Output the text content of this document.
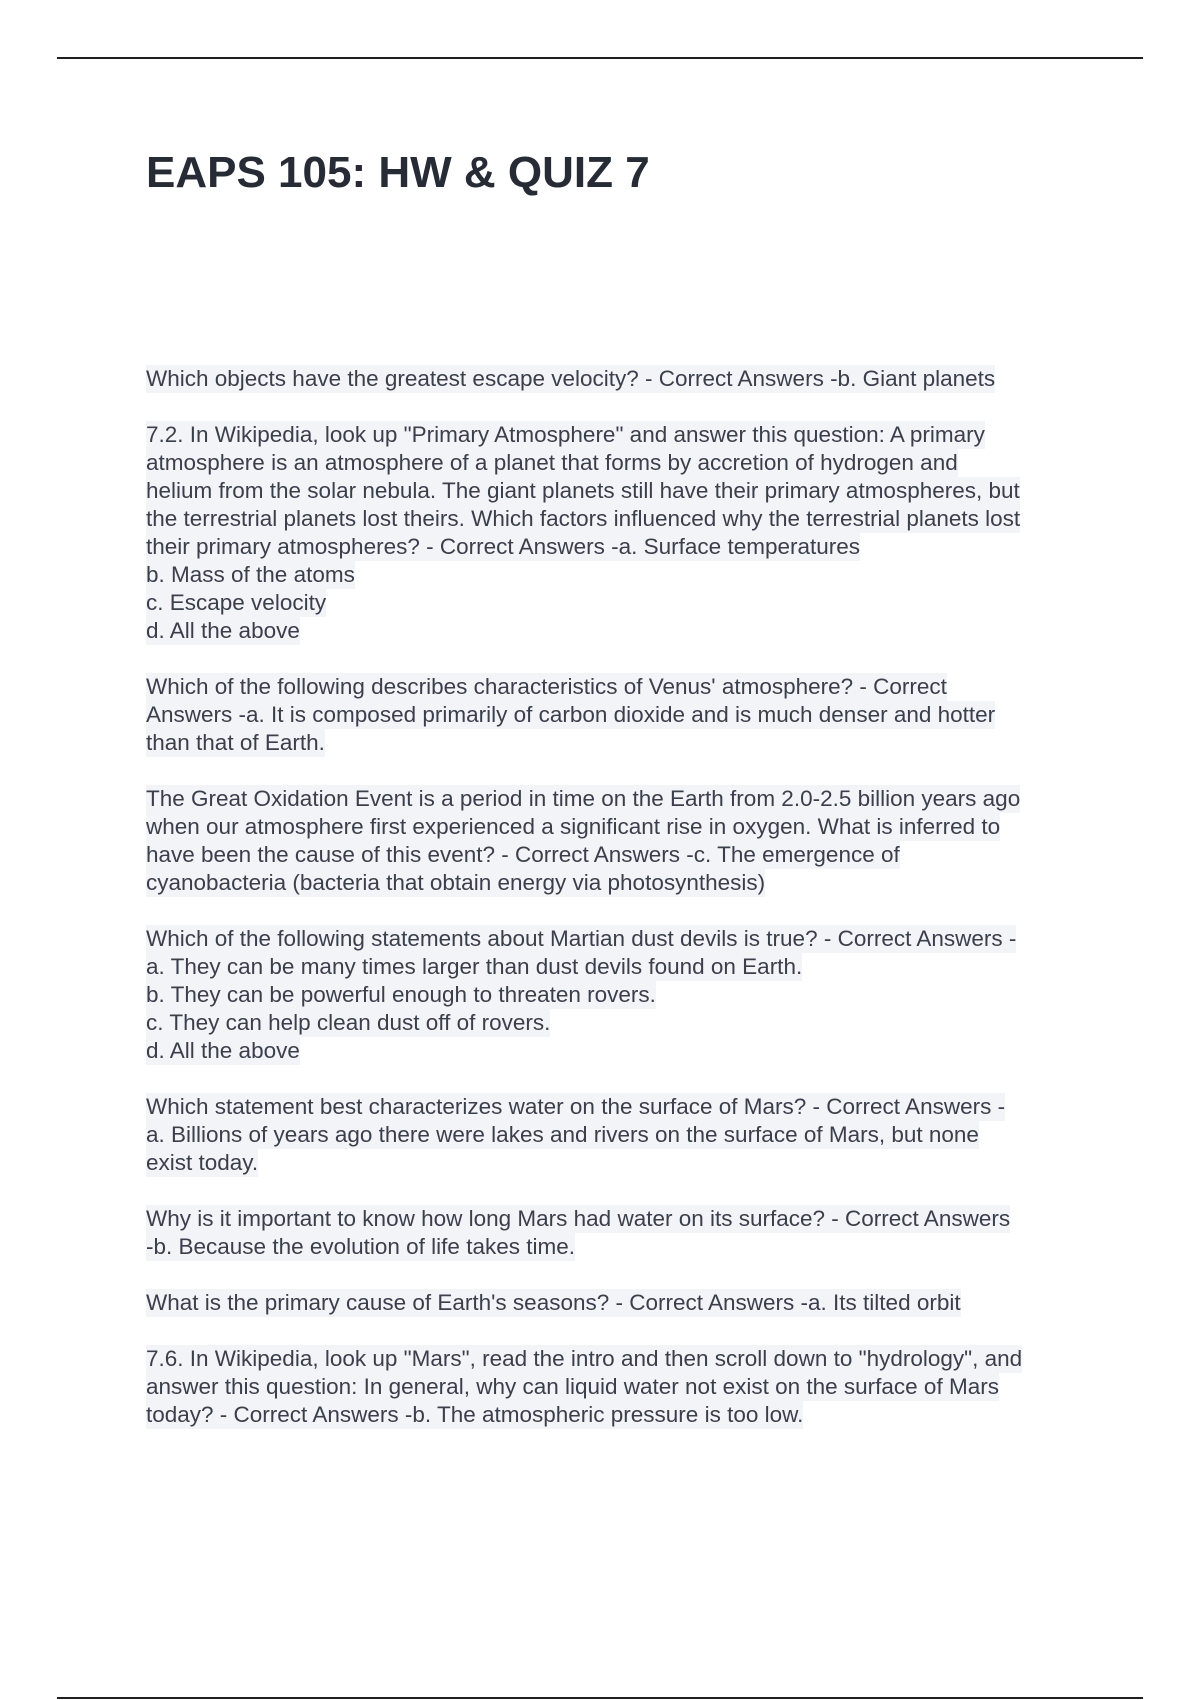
EAPS 105: HW & QUIZ 7

Which objects have the greatest escape velocity? - Correct Answers -b. Giant planets

7.2. In Wikipedia, look up "Primary Atmosphere" and answer this question: A primary
atmosphere is an atmosphere of a planet that forms by accretion of hydrogen and
helium from the solar nebula. The giant planets still have their primary atmospheres, but
the terrestrial planets lost theirs. Which factors influenced why the terrestrial planets lost
their primary atmospheres? - Correct Answers -a. Surface temperatures
b. Mass of the atoms
c. Escape velocity
d. All the above

Which of the following describes characteristics of Venus' atmosphere? - Correct
Answers -a. It is composed primarily of carbon dioxide and is much denser and hotter
than that of Earth.

The Great Oxidation Event is a period in time on the Earth from 2.0-2.5 billion years ago
when our atmosphere first experienced a significant rise in oxygen. What is inferred to
have been the cause of this event? - Correct Answers -c. The emergence of
cyanobacteria (bacteria that obtain energy via photosynthesis)

Which of the following statements about Martian dust devils is true? - Correct Answers -
a. They can be many times larger than dust devils found on Earth.
b. They can be powerful enough to threaten rovers.
c. They can help clean dust off of rovers.
d. All the above

Which statement best characterizes water on the surface of Mars? - Correct Answers -
a. Billions of years ago there were lakes and rivers on the surface of Mars, but none
exist today.

Why is it important to know how long Mars had water on its surface? - Correct Answers
-b. Because the evolution of life takes time.

What is the primary cause of Earth's seasons? - Correct Answers -a. Its tilted orbit

7.6. In Wikipedia, look up "Mars", read the intro and then scroll down to "hydrology", and
answer this question: In general, why can liquid water not exist on the surface of Mars
today? - Correct Answers -b. The atmospheric pressure is too low.
